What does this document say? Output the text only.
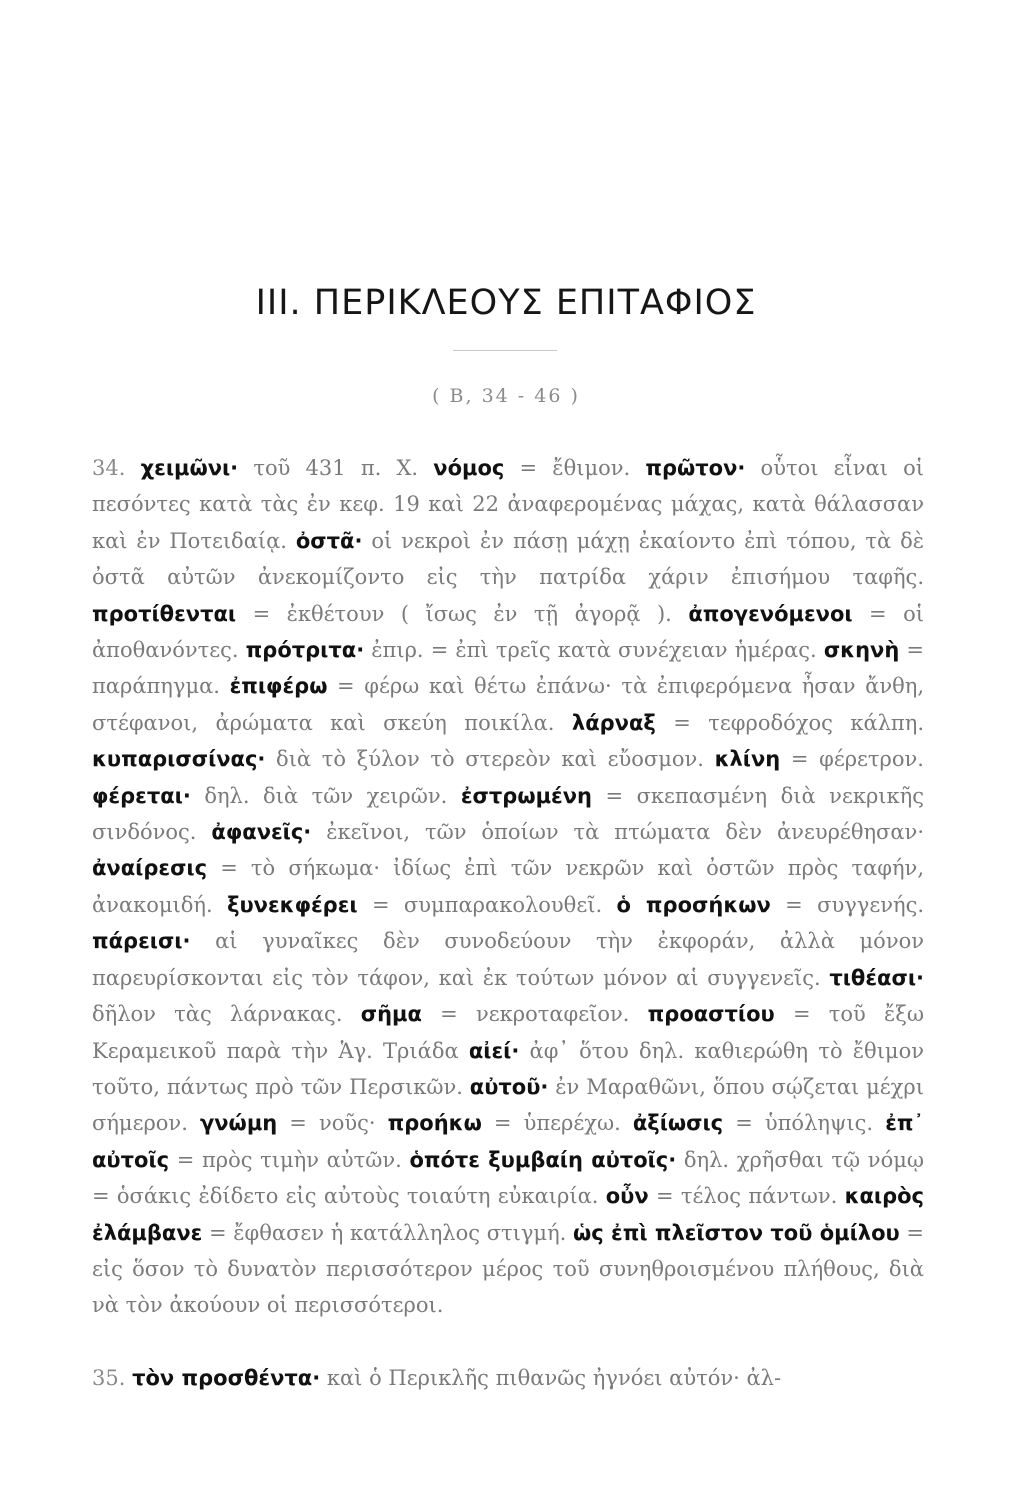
III. ΠΕΡΙΚΛΕΟΥΣ ΕΠΙΤΑΦΙΟΣ
( Β, 34 - 46 )

34. χειμῶνι· τοῦ 431 π. Χ. νόμος = ἔθιμον. πρῶτον· οὗτοι εἶναι οἱ πεσόντες κατὰ τὰς ἐν κεφ. 19 καὶ 22 ἀναφερομένας μάχας, κατὰ θάλασσαν καὶ ἐν Ποτειδαίᾳ. ὀστᾶ· οἱ νεκροὶ ἐν πάσῃ μάχῃ ἐκαίοντο ἐπὶ τόπου, τὰ δὲ ὀστᾶ αὐτῶν ἀνεκομίζοντο εἰς τὴν πατρίδα χάριν ἐπισήμου ταφῆς. προτίθενται = ἐκθέτουν ( ἴσως ἐν τῇ ἀγορᾷ ). ἀπογενόμενοι = οἱ ἀποθανόντες. πρότριτα· ἐπιρ. = ἐπὶ τρεῖς κατὰ συνέχειαν ἡμέρας. σκηνὴ = παράπηγμα. ἐπιφέρω = φέρω καὶ θέτω ἐπάνω· τὰ ἐπιφερόμενα ἦσαν ἄνθη, στέφανοι, ἀρώματα καὶ σκεύη ποικίλα. λάρναξ = τεφροδόχος κάλπη. κυπαρισσίνας· διὰ τὸ ξύλον τὸ στερεὸν καὶ εὔοσμον. κλίνη = φέρετρον. φέρεται· δηλ. διὰ τῶν χειρῶν. ἐστρωμένη = σκεπασμένη διὰ νεκρικῆς σινδόνος. ἀφανεῖς· ἐκεῖνοι, τῶν ὁποίων τὰ πτώματα δὲν ἀνευρέθησαν· ἀναίρεσις = τὸ σήκωμα· ἰδίως ἐπὶ τῶν νεκρῶν καὶ ὀστῶν πρὸς ταφήν, ἀνακομιδή. ξυνεκφέρει = συμπαρακολουθεῖ. ὁ προσήκων = συγγενής. πάρεισι· αἱ γυναῖκες δὲν συνοδεύουν τὴν ἐκφοράν, ἀλλὰ μόνον παρευρίσκονται εἰς τὸν τάφον, καὶ ἐκ τούτων μόνον αἱ συγγενεῖς. τιθέασι· δῆλον τὰς λάρνακας. σῆμα = νεκροταφεῖον. προαστίου = τοῦ ἔξω Κεραμεικοῦ παρὰ τὴν Ἁγ. Τριάδα αἰεί· ἀφ᾽ ὅτου δηλ. καθιερώθη τὸ ἔθιμον τοῦτο, πάντως πρὸ τῶν Περσικῶν. αὐτοῦ· ἐν Μαραθῶνι, ὅπου σῴζεται μέχρι σήμερον. γνώμη = νοῦς· προήκω = ὑπερέχω. ἀξίωσις = ὑπόληψις. ἐπ᾽ αὐτοῖς = πρὸς τιμὴν αὐτῶν. ὁπότε ξυμβαίη αὐτοῖς· δηλ. χρῆσθαι τῷ νόμῳ = ὁσάκις ἐδίδετο εἰς αὐτοὺς τοιαύτη εὐκαιρία. οὖν = τέλος πάντων. καιρὸς ἐλάμβανε = ἔφθασεν ἡ κατάλληλος στιγμή. ὡς ἐπὶ πλεῖστον τοῦ ὁμίλου = εἰς ὅσον τὸ δυνατὸν περισσότερον μέρος τοῦ συνηθροισμένου πλήθους, διὰ νὰ τὸν ἀκούουν οἱ περισσότεροι.

35. τὸν προσθέντα· καὶ ὁ Περικλῆς πιθανῶς ἠγνόει αὐτόν· ἀλ-
